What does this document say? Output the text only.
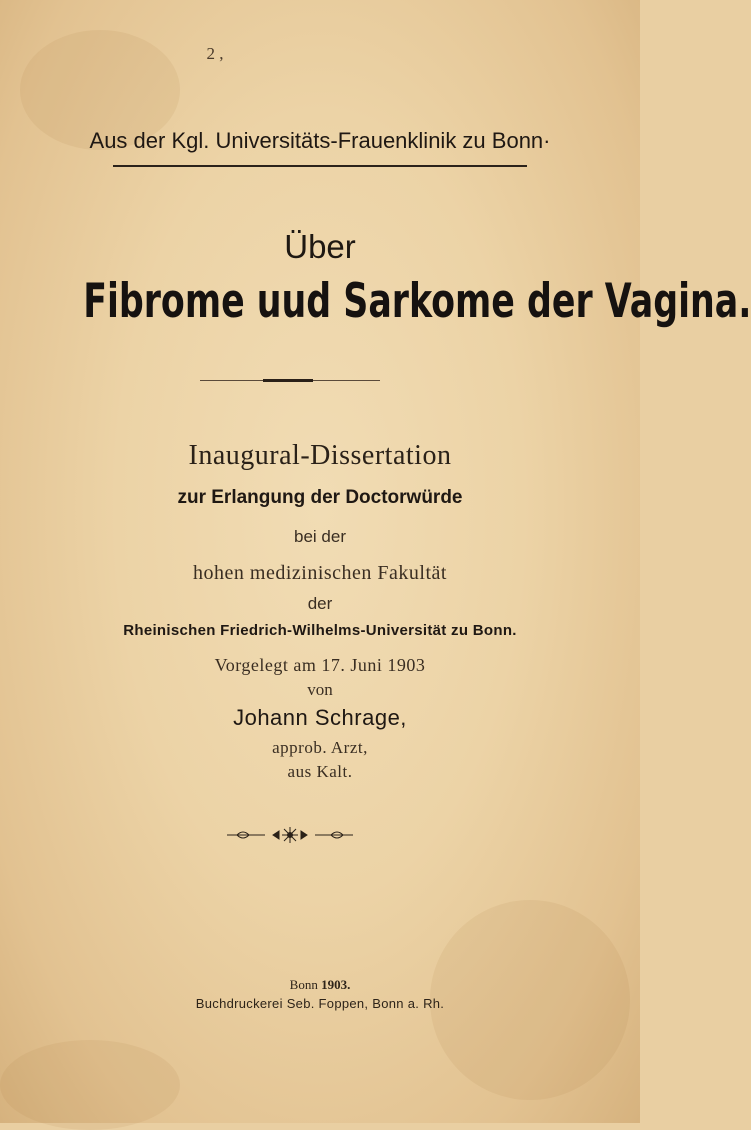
2 ,
Aus der Kgl. Universitäts-Frauenklinik zu Bonn·
Über
Fibrome uud Sarkome der Vagina.
Inaugural-Dissertation
zur Erlangung der Doctorwürde
bei der
hohen medizinischen Fakultät
der
Rheinischen Friedrich-Wilhelms-Universität zu Bonn.
Vorgelegt am 17. Juni 1903
von
Johann Schrage,
approb. Arzt,
aus Kalt.
Bonn 1903.
Buchdruckerei Seb. Foppen, Bonn a. Rh.
